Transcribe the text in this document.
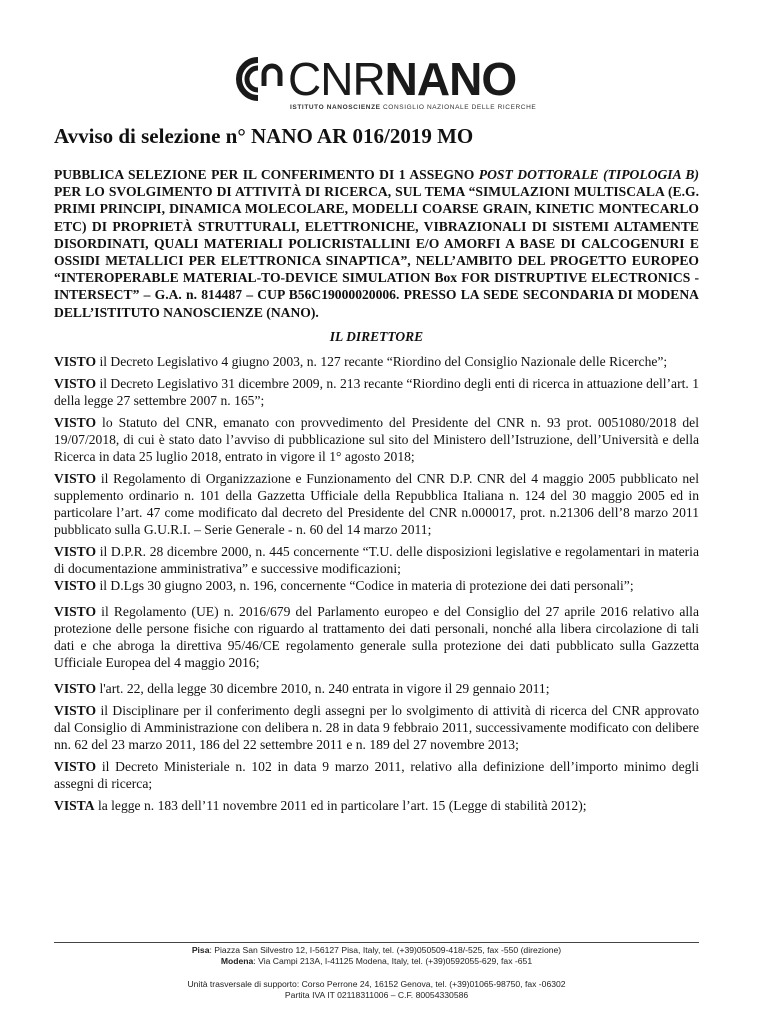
CNRNANO
ISTITUTO NANOSCIENZE CONSIGLIO NAZIONALE DELLE RICERCHE
Avviso di selezione n° NANO AR 016/2019 MO

PUBBLICA SELEZIONE PER IL CONFERIMENTO DI 1 ASSEGNO POST DOTTORALE (TIPOLOGIA B) PER LO SVOLGIMENTO DI ATTIVITÀ DI RICERCA, SUL TEMA “SIMULAZIONI MULTISCALA (E.G. PRIMI PRINCIPI, DINAMICA MOLECOLARE, MODELLI COARSE GRAIN, KINETIC MONTECARLO ETC) DI PROPRIETÀ STRUTTURALI, ELETTRONICHE, VIBRAZIONALI DI SISTEMI ALTAMENTE DISORDINATI, QUALI MATERIALI POLICRISTALLINI E/O AMORFI A BASE DI CALCOGENURI E OSSIDI METALLICI PER ELETTRONICA SINAPTICA”, NELL’AMBITO DEL PROGETTO EUROPEO “INTEROPERABLE MATERIAL-TO-DEVICE SIMULATION Box FOR DISTRUPTIVE ELECTRONICS - INTERSECT” – G.A. n. 814487 – CUP B56C19000020006. PRESSO LA SEDE SECONDARIA DI MODENA DELL’ISTITUTO NANOSCIENZE (NANO).

IL DIRETTORE

VISTO il Decreto Legislativo 4 giugno 2003, n. 127 recante “Riordino del Consiglio Nazionale delle Ricerche”;

VISTO il Decreto Legislativo 31 dicembre 2009, n. 213 recante “Riordino degli enti di ricerca in attuazione dell’art. 1 della legge 27 settembre 2007 n. 165”;

VISTO lo Statuto del CNR, emanato con provvedimento del Presidente del CNR n. 93 prot. 0051080/2018 del 19/07/2018, di cui è stato dato l’avviso di pubblicazione sul sito del Ministero dell’Istruzione, dell’Università e della Ricerca in data 25 luglio 2018, entrato in vigore il 1° agosto 2018;

VISTO il Regolamento di Organizzazione e Funzionamento del CNR D.P. CNR del 4 maggio 2005 pubblicato nel supplemento ordinario n. 101 della Gazzetta Ufficiale della Repubblica Italiana n. 124 del 30 maggio 2005 ed in particolare l’art. 47 come modificato dal decreto del Presidente del CNR n.000017, prot. n.21306 dell’8 marzo 2011 pubblicato sulla G.U.R.I. – Serie Generale - n. 60 del 14 marzo 2011;

VISTO il D.P.R. 28 dicembre 2000, n. 445 concernente “T.U. delle disposizioni legislative e regolamentari in materia di documentazione amministrativa” e successive modificazioni;

VISTO il D.Lgs 30 giugno 2003, n. 196, concernente “Codice in materia di protezione dei dati personali”;

VISTO il Regolamento (UE) n. 2016/679 del Parlamento europeo e del Consiglio del 27 aprile 2016 relativo alla protezione delle persone fisiche con riguardo al trattamento dei dati personali, nonché alla libera circolazione di tali dati e che abroga la direttiva 95/46/CE regolamento generale sulla protezione dei dati pubblicato sulla Gazzetta Ufficiale Europea del 4 maggio 2016;

VISTO l'art. 22, della legge 30 dicembre 2010, n. 240 entrata in vigore il 29 gennaio 2011;

VISTO il Disciplinare per il conferimento degli assegni per lo svolgimento di attività di ricerca del CNR approvato dal Consiglio di Amministrazione con delibera n. 28 in data 9 febbraio 2011, successivamente modificato con delibere nn. 62 del 23 marzo 2011, 186 del 22 settembre 2011 e n. 189 del 27 novembre 2013;

VISTO il Decreto Ministeriale n. 102 in data 9 marzo 2011, relativo alla definizione dell’importo minimo degli assegni di ricerca;

VISTA la legge n. 183 dell’11 novembre 2011 ed in particolare l’art. 15 (Legge di stabilità 2012);

Pisa: Piazza San Silvestro 12, I-56127 Pisa, Italy, tel. (+39)050509-418/-525, fax -550 (direzione)
Modena: Via Campi 213A, I-41125 Modena, Italy, tel. (+39)0592055-629, fax -651
Unità trasversale di supporto: Corso Perrone 24, 16152 Genova, tel. (+39)01065-98750, fax -06302
Partita IVA IT 02118311006 – C.F. 80054330586
